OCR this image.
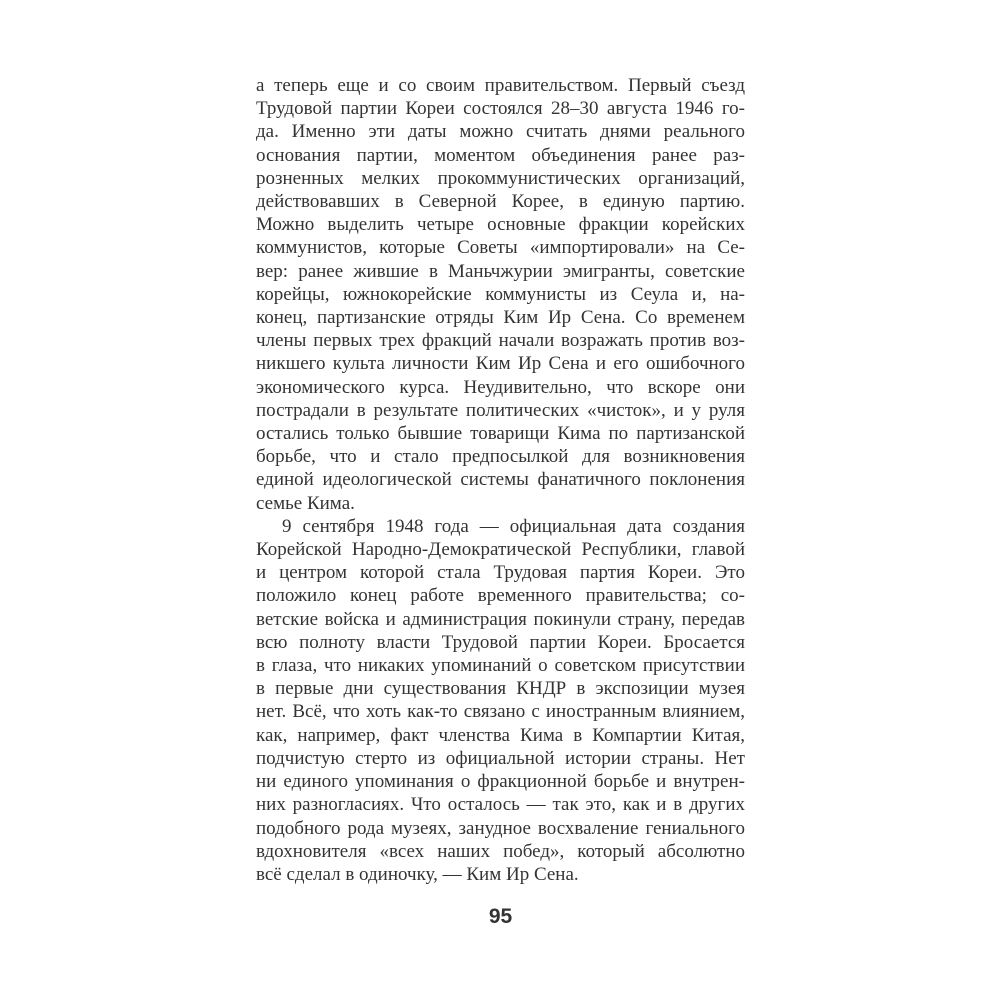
а теперь еще и со своим правительством. Первый съезд
Трудовой партии Кореи состоялся 28–30 августа 1946 го-
да. Именно эти даты можно считать днями реального
основания партии, моментом объединения ранее раз-
розненных мелких прокоммунистических организаций,
действовавших в Северной Корее, в единую партию.
Можно выделить четыре основные фракции корейских
коммунистов, которые Советы «импортировали» на Се-
вер: ранее жившие в Маньчжурии эмигранты, советские
корейцы, южнокорейские коммунисты из Сеула и, на-
конец, партизанские отряды Ким Ир Сена. Со временем
члены первых трех фракций начали возражать против воз-
никшего культа личности Ким Ир Сена и его ошибочного
экономического курса. Неудивительно, что вскоре они
пострадали в результате политических «чисток», и у руля
остались только бывшие товарищи Кима по партизанской
борьбе, что и стало предпосылкой для возникновения
единой идеологической системы фанатичного поклонения
семье Кима.
9 сентября 1948 года — официальная дата создания
Корейской Народно-Демократической Республики, главой
и центром которой стала Трудовая партия Кореи. Это
положило конец работе временного правительства; со-
ветские войска и администрация покинули страну, передав
всю полноту власти Трудовой партии Кореи. Бросается
в глаза, что никаких упоминаний о советском присутствии
в первые дни существования КНДР в экспозиции музея
нет. Всё, что хоть как-то связано с иностранным влиянием,
как, например, факт членства Кима в Компартии Китая,
подчистую стерто из официальной истории страны. Нет
ни единого упоминания о фракционной борьбе и внутрен-
них разногласиях. Что осталось — так это, как и в других
подобного рода музеях, занудное восхваление гениального
вдохновителя «всех наших побед», который абсолютно
всё сделал в одиночку, — Ким Ир Сена.
95
